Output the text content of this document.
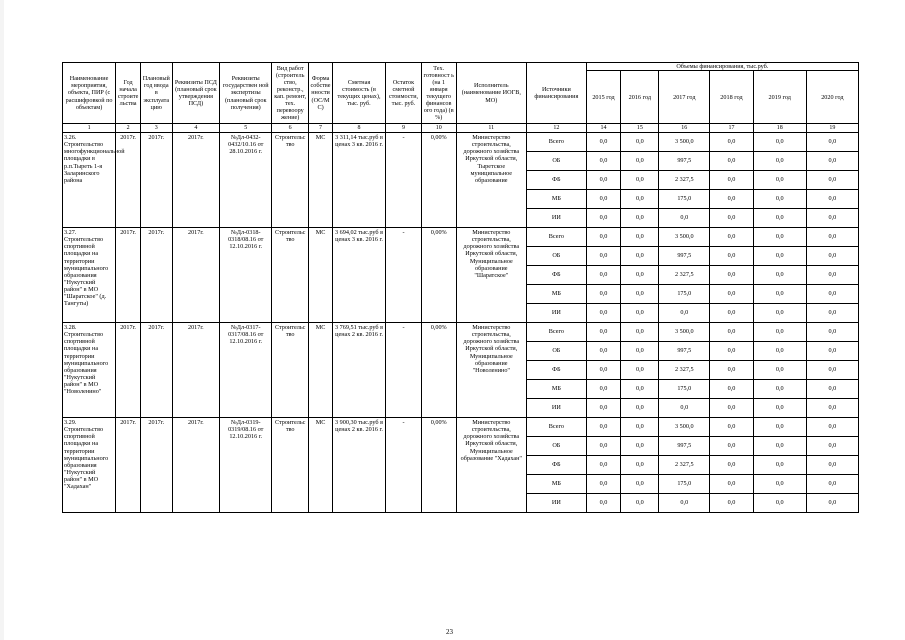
Наименование мероприятия, объекта, ПИР (с расшифровкой по объектам)	Год начала строите льства	Плановый год ввода в эксплуата цию	Реквизиты ПСД (плановый срок утверждения ПСД)	Реквизиты государствен ной экспертизы (плановый срок получения)	Вид работ (строитель ство, реконстр., кап. ремонт, тех. перевоору жение)	Форма собстве нности (ОС/М С)	Сметная стоимость (в текущих ценах), тыс. руб.	Остаток сметной стоимости, тыс. руб.	Тех. готовност ь (на 1 января текущего финансов ого года) (в %)	Исполнитель (наименование ИОГВ, МО)	Источники финансирования	Объемы финансирования, тыс.руб.					
												2015 год	2016 год	2017 год	2018 год	2019 год	2020 год
1	2	3	4	5	6	7	8	9	10	11	12	14	15	16	17	18	19
3.26. Строительство многофункциональной площадки в р.п.Тыреть 1-я Заларинского района	2017г.	2017г.	2017г.	№Дл-0432-0432/10.16 от 28.10.2016 г.	Строительс тво	МС	3 311,14 тыс.руб в ценах 3 кв. 2016 г.	-	0,00%	Министерство строительства, дорожного хозяйства Иркутской области, Тыретское муниципальное образование	Всего	0,0	0,0	3 500,0	0,0	0,0	0,0
											ОБ	0,0	0,0	997,5	0,0	0,0	0,0
											ФБ	0,0	0,0	2 327,5	0,0	0,0	0,0
											МБ	0,0	0,0	175,0	0,0	0,0	0,0
											ИИ	0,0	0,0	0,0	0,0	0,0	0,0
3.27. Строительство спортивной площадки на территории муниципального образования "Нукутский район" в МО "Шаратское" (д. Тангуты)	2017г.	2017г.	2017г.	№Дл-0318-0318/08.16 от 12.10.2016 г.	Строительс тво	МС	3 694,02 тыс.руб в ценах 3 кв. 2016 г.	-	0,00%	Министерство строительства, дорожного хозяйства Иркутской области, Муниципальное образование "Шаратское"	Всего	0,0	0,0	3 500,0	0,0	0,0	0,0
											ОБ	0,0	0,0	997,5	0,0	0,0	0,0
											ФБ	0,0	0,0	2 327,5	0,0	0,0	0,0
											МБ	0,0	0,0	175,0	0,0	0,0	0,0
											ИИ	0,0	0,0	0,0	0,0	0,0	0,0
3.28. Строительство спортивной площадки на территории муниципального образования "Нукутский район" в МО "Новоленино"	2017г.	2017г.	2017г.	№Дл-0317-0317/08.16 от 12.10.2016 г.	Строительс тво	МС	3 769,51 тыс.руб в ценах 2 кв. 2016 г.	-	0,00%	Министерство строительства, дорожного хозяйства Иркутской области, Муниципальное образование "Новоленино"	Всего	0,0	0,0	3 500,0	0,0	0,0	0,0
											ОБ	0,0	0,0	997,5	0,0	0,0	0,0
											ФБ	0,0	0,0	2 327,5	0,0	0,0	0,0
											МБ	0,0	0,0	175,0	0,0	0,0	0,0
											ИИ	0,0	0,0	0,0	0,0	0,0	0,0
3.29. Строительство спортивной площадки на территории муниципального образования "Нукутский район" в МО "Хадахан"	2017г.	2017г.	2017г.	№Дл-0319-0319/08.16 от 12.10.2016 г.	Строительс тво	МС	3 900,30 тыс.руб в ценах 2 кв. 2016 г.	-	0,00%	Министерство строительства, дорожного хозяйства Иркутской области, Муниципальное образование "Хадахан"	Всего	0,0	0,0	3 500,0	0,0	0,0	0,0
											ОБ	0,0	0,0	997,5	0,0	0,0	0,0
											ФБ	0,0	0,0	2 327,5	0,0	0,0	0,0
											МБ	0,0	0,0	175,0	0,0	0,0	0,0
											ИИ	0,0	0,0	0,0	0,0	0,0	0,0
23
